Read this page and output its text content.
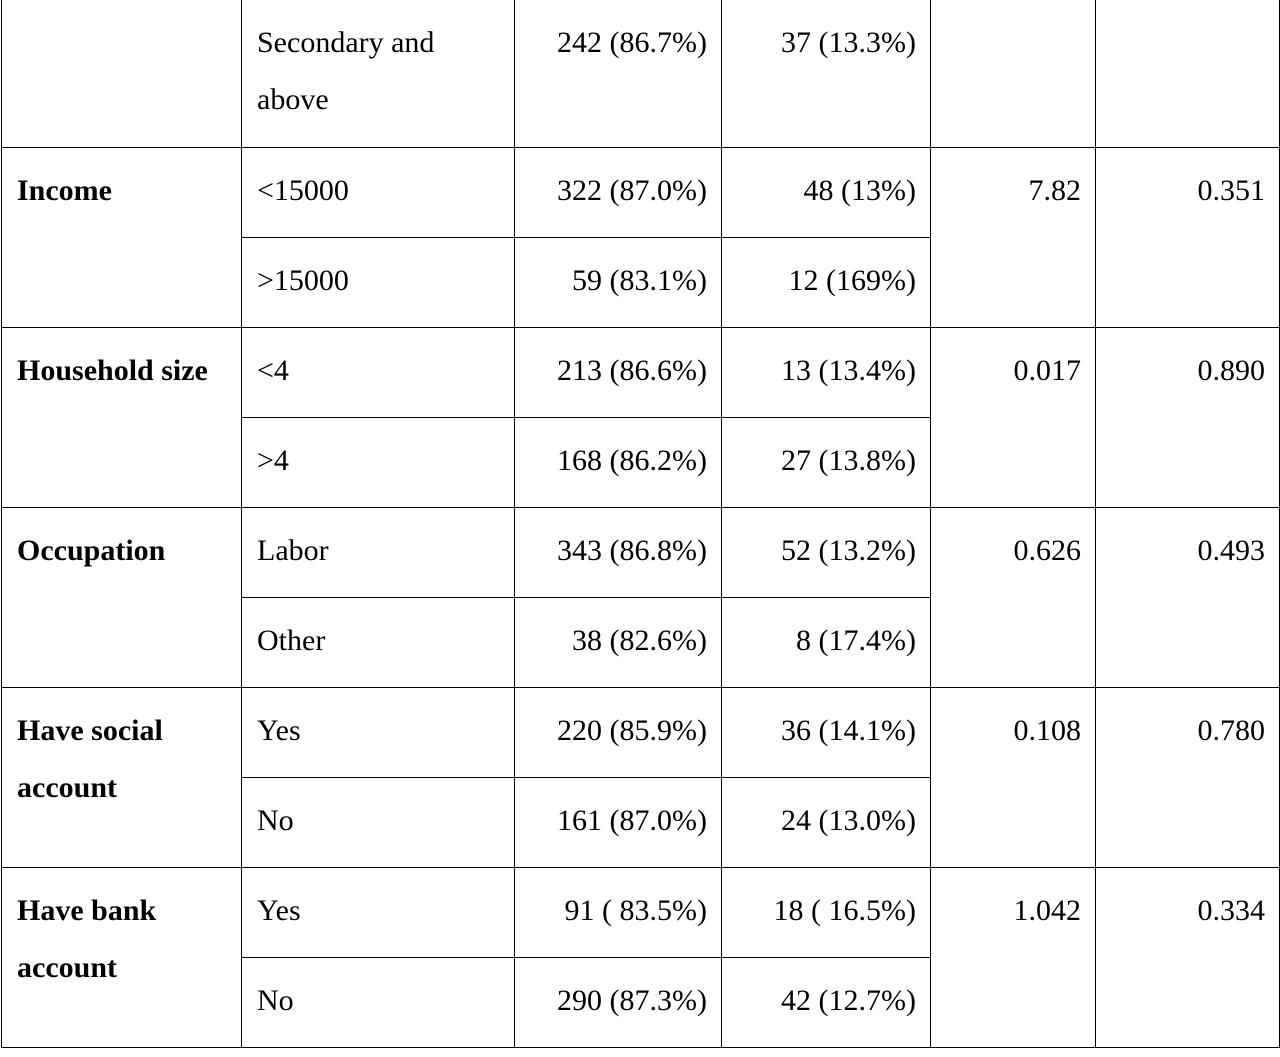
	Secondary and above	242 (86.7%)	37 (13.3%)		

Income	<15000	322 (87.0%)	48 (13%)	7.82	0.351

	>15000	59 (83.1%)	12 (169%)		

Household size	<4	213 (86.6%)	13 (13.4%)	0.017	0.890

	>4	168 (86.2%)	27 (13.8%)		

Occupation	Labor	343 (86.8%)	52 (13.2%)	0.626	0.493

	Other	38 (82.6%)	8 (17.4%)		

Have social account	Yes	220 (85.9%)	36 (14.1%)	0.108	0.780

	No	161 (87.0%)	24 (13.0%)		

Have bank account	Yes	91 ( 83.5%)	18 ( 16.5%)	1.042	0.334

	No	290 (87.3%)	42 (12.7%)		
